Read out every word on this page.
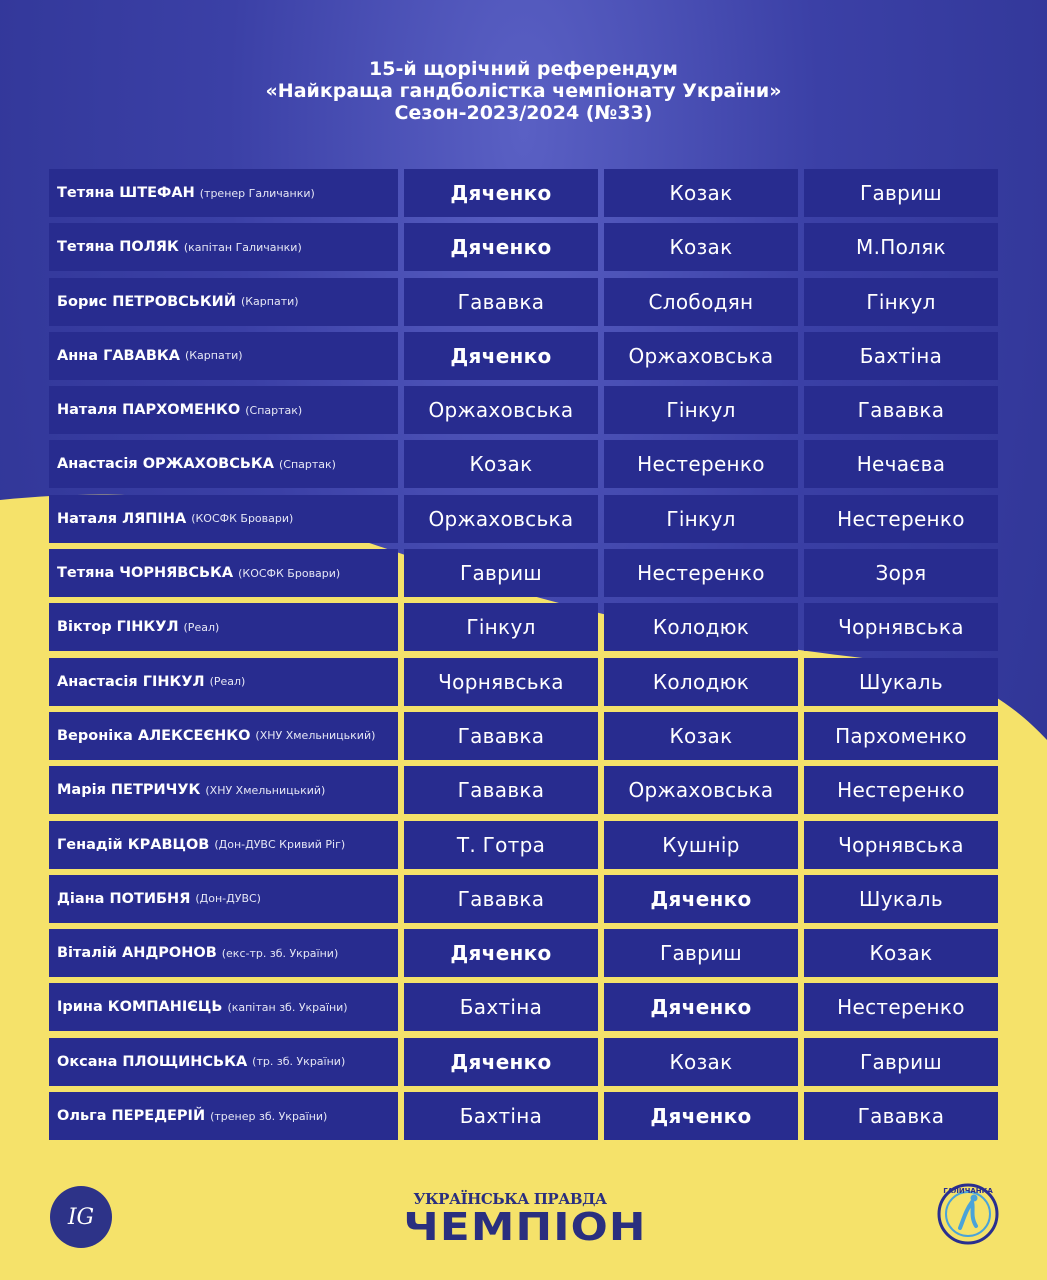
15-й щорічний референдум
«Найкраща гандболістка чемпіонату України»
Сезон-2023/2024 (№33)
Тетяна ШТЕФАН (тренер Галичанки)	Дяченко	Козак	Гавриш
Тетяна ПОЛЯК (капітан Галичанки)	Дяченко	Козак	М.Поляк
Борис ПЕТРОВСЬКИЙ (Карпати)	Гававка	Слободян	Гінкул
Анна ГАВАВКА (Карпати)	Дяченко	Оржаховська	Бахтіна
Наталя ПАРХОМЕНКО (Спартак)	Оржаховська	Гінкул	Гававка
Анастасія ОРЖАХОВСЬКА (Спартак)	Козак	Нестеренко	Нечаєва
Наталя ЛЯПІНА (КОСФК Бровари)	Оржаховська	Гінкул	Нестеренко
Тетяна ЧОРНЯВСЬКА (КОСФК Бровари)	Гавриш	Нестеренко	Зоря
Віктор ГІНКУЛ (Реал)	Гінкул	Колодюк	Чорнявська
Анастасія ГІНКУЛ (Реал)	Чорнявська	Колодюк	Шукаль
Вероніка АЛЕКСЕЄНКО (ХНУ Хмельницький)	Гававка	Козак	Пархоменко
Марія ПЕТРИЧУК (ХНУ Хмельницький)	Гававка	Оржаховська	Нестеренко
Генадій КРАВЦОВ (Дон-ДУВС Кривий Ріг)	Т. Готра	Кушнір	Чорнявська
Діана ПОТИБНЯ (Дон-ДУВС)	Гававка	Дяченко	Шукаль
Віталій АНДРОНОВ (екс-тр. зб. України)	Дяченко	Гавриш	Козак
Ірина КОМПАНІЄЦЬ (капітан зб. України)	Бахтіна	Дяченко	Нестеренко
Оксана ПЛОЩИНСЬКА (тр. зб. України)	Дяченко	Козак	Гавриш
Ольга ПЕРЕДЕРІЙ (тренер зб. України)	Бахтіна	Дяченко	Гававка
IG
УКРАЇНСЬКА ПРАВДА
ЧЕМПІОН
ГАЛИЧАНКА
